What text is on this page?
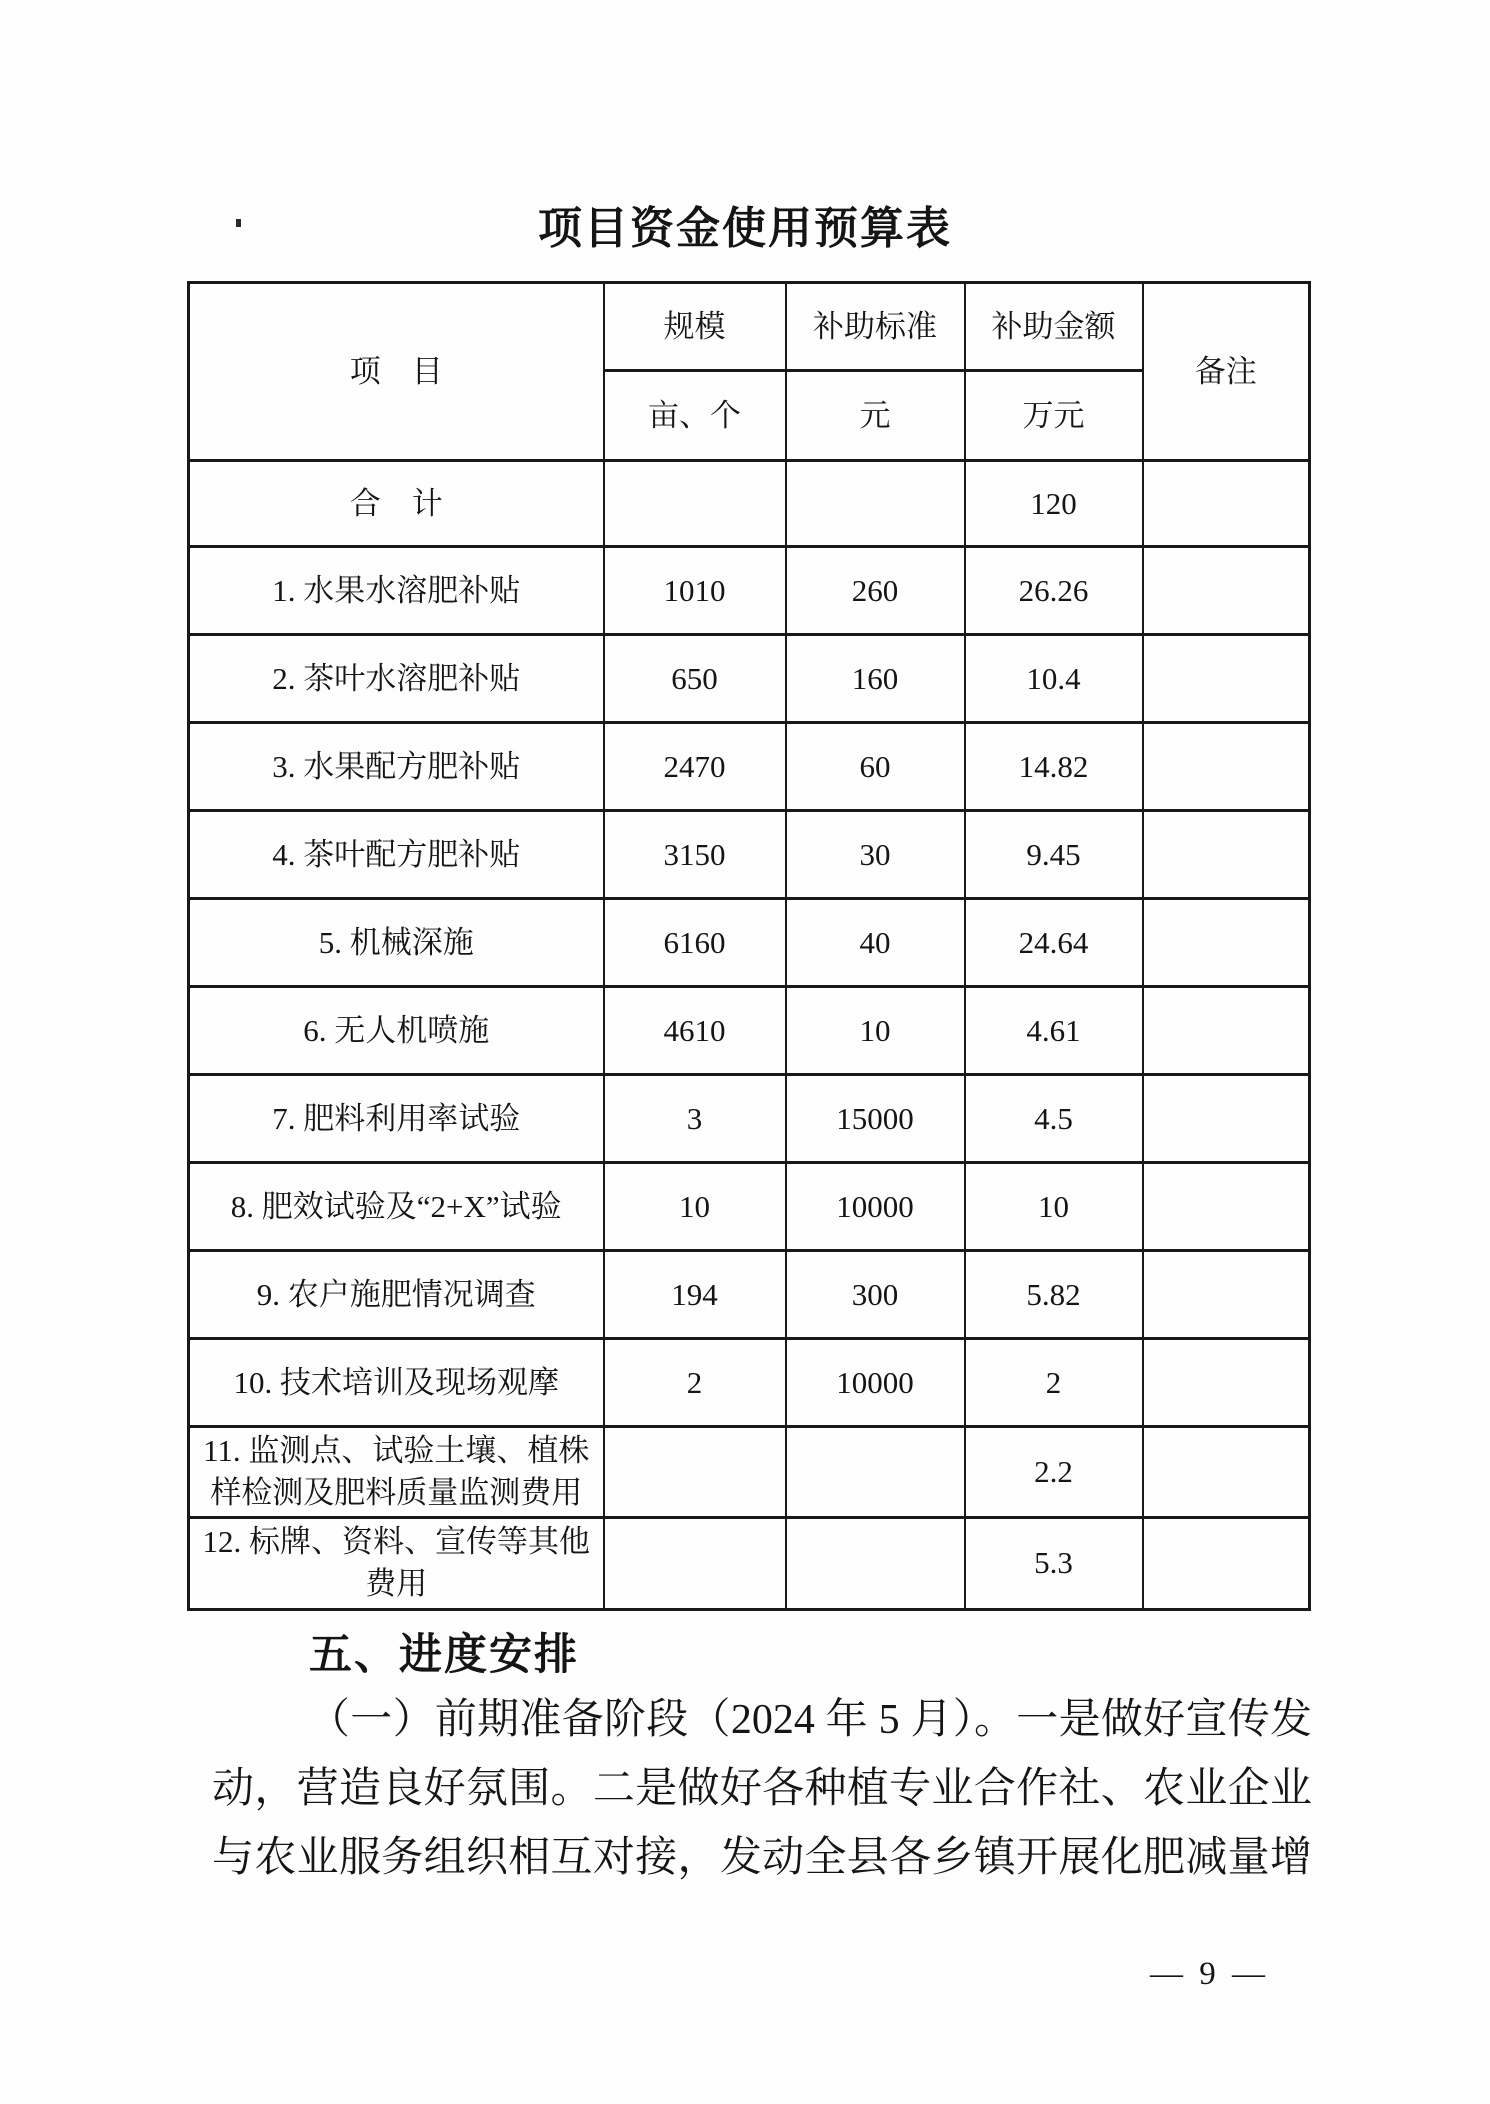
项目资金使用预算表
项　目	规模	补助标准	补助金额	备注
	亩、个	元	万元	
合　计			120	
1. 水果水溶肥补贴	1010	260	26.26	
2. 茶叶水溶肥补贴	650	160	10.4	
3. 水果配方肥补贴	2470	60	14.82	
4. 茶叶配方肥补贴	3150	30	9.45	
5. 机械深施	6160	40	24.64	
6. 无人机喷施	4610	10	4.61	
7. 肥料利用率试验	3	15000	4.5	
8. 肥效试验及“2+X”试验	10	10000	10	
9. 农户施肥情况调查	194	300	5.82	
10. 技术培训及现场观摩	2	10000	2	
11. 监测点、试验土壤、植株样检测及肥料质量监测费用			2.2	
12. 标牌、资料、宣传等其他费用			5.3	
五、进度安排
（一）前期准备阶段（2024 年 5 月）。一是做好宣传发
动，营造良好氛围。二是做好各种植专业合作社、农业企业
与农业服务组织相互对接，发动全县各乡镇开展化肥减量增
— 9 —
